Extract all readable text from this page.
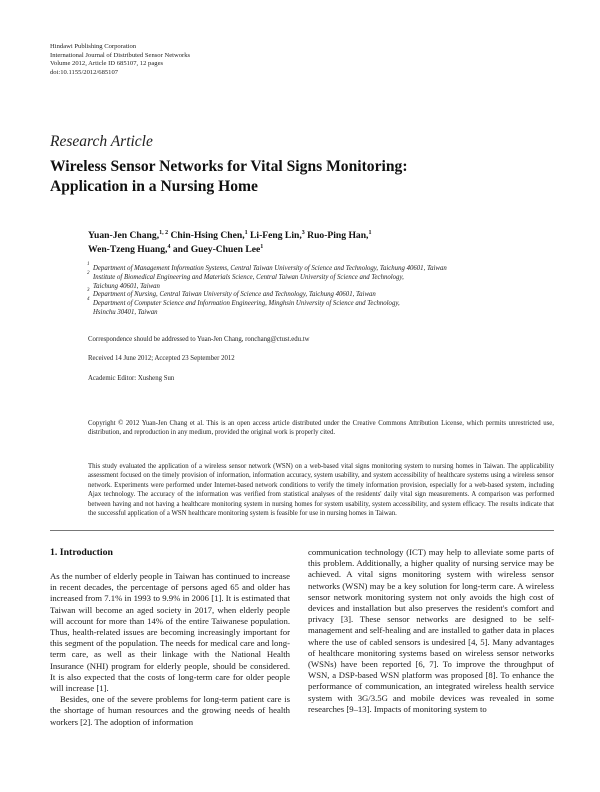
Hindawi Publishing Corporation
International Journal of Distributed Sensor Networks
Volume 2012, Article ID 685107, 12 pages
doi:10.1155/2012/685107
Research Article
Wireless Sensor Networks for Vital Signs Monitoring:
Application in a Nursing Home
Yuan-Jen Chang,$^{1, 2}$ Chin-Hsing Chen,$^1$ Li-Feng Lin,$^3$ Ruo-Ping Han,$^1$
Wen-Tzeng Huang,$^4$ and Guey-Chuen Lee$^1$
1
Department of Management Information Systems, Central Taiwan University of Science and Technology, Taichung 40601, Taiwan
2
Institute of Biomedical Engineering and Materials Science, Central Taiwan University of Science and Technology,
Taichung 40601, Taiwan
3
Department of Nursing, Central Taiwan University of Science and Technology, Taichung 40601, Taiwan
4
Department of Computer Science and Information Engineering, Minghsin University of Science and Technology,
Hsinchu 30401, Taiwan
Correspondence should be addressed to Yuan-Jen Chang, ronchang@ctust.edu.tw
Received 14 June 2012; Accepted 23 September 2012
Academic Editor: Xusheng Sun
Copyright © 2012 Yuan-Jen Chang et al. This is an open access article distributed under the Creative Commons Attribution License, which permits unrestricted use, distribution, and reproduction in any medium, provided the original work is properly cited.
This study evaluated the application of a wireless sensor network (WSN) on a web-based vital signs monitoring system to nursing homes in Taiwan. The applicability assessment focused on the timely provision of information, information accuracy, system usability, and system accessibility of healthcare systems using a wireless sensor network. Experiments were performed under Internet-based network conditions to verify the timely information provision, especially for a web-based system, including Ajax technology. The accuracy of the information was verified from statistical analyses of the residents' daily vital sign measurements. A comparison was performed between having and not having a healthcare monitoring system in nursing homes for system usability, system accessibility, and system efficacy. The results indicate that the successful application of a WSN healthcare monitoring system is feasible for use in nursing homes in Taiwan.
1. Introduction

As the number of elderly people in Taiwan has continued to increase in recent decades, the percentage of persons aged 65 and older has increased from 7.1% in 1993 to 9.9% in 2006 [1]. It is estimated that Taiwan will become an aged society in 2017, when elderly people will account for more than 14% of the entire Taiwanese population. Thus, health-related issues are becoming increasingly important for this segment of the population. The needs for medical care and long-term care, as well as their linkage with the National Health Insurance (NHI) program for elderly people, should be considered. It is also expected that the costs of long-term care for older people will increase [1].

Besides, one of the severe problems for long-term patient care is the shortage of human resources and the growing needs of health workers [2]. The adoption of information

communication technology (ICT) may help to alleviate some parts of this problem. Additionally, a higher quality of nursing service may be achieved. A vital signs monitoring system with wireless sensor networks (WSN) may be a key solution for long-term care. A wireless sensor network monitoring system not only avoids the high cost of devices and installation but also preserves the resident's comfort and privacy [3]. These sensor networks are designed to be self-management and self-healing and are installed to gather data in places where the use of cabled sensors is undesired [4, 5]. Many advantages of healthcare monitoring systems based on wireless sensor networks (WSNs) have been reported [6, 7]. To improve the throughput of WSN, a DSP-based WSN platform was proposed [8]. To enhance the performance of communication, an integrated wireless health service system with 3G/3.5G and mobile devices was revealed in some researches [9–13]. Impacts of monitoring system to
